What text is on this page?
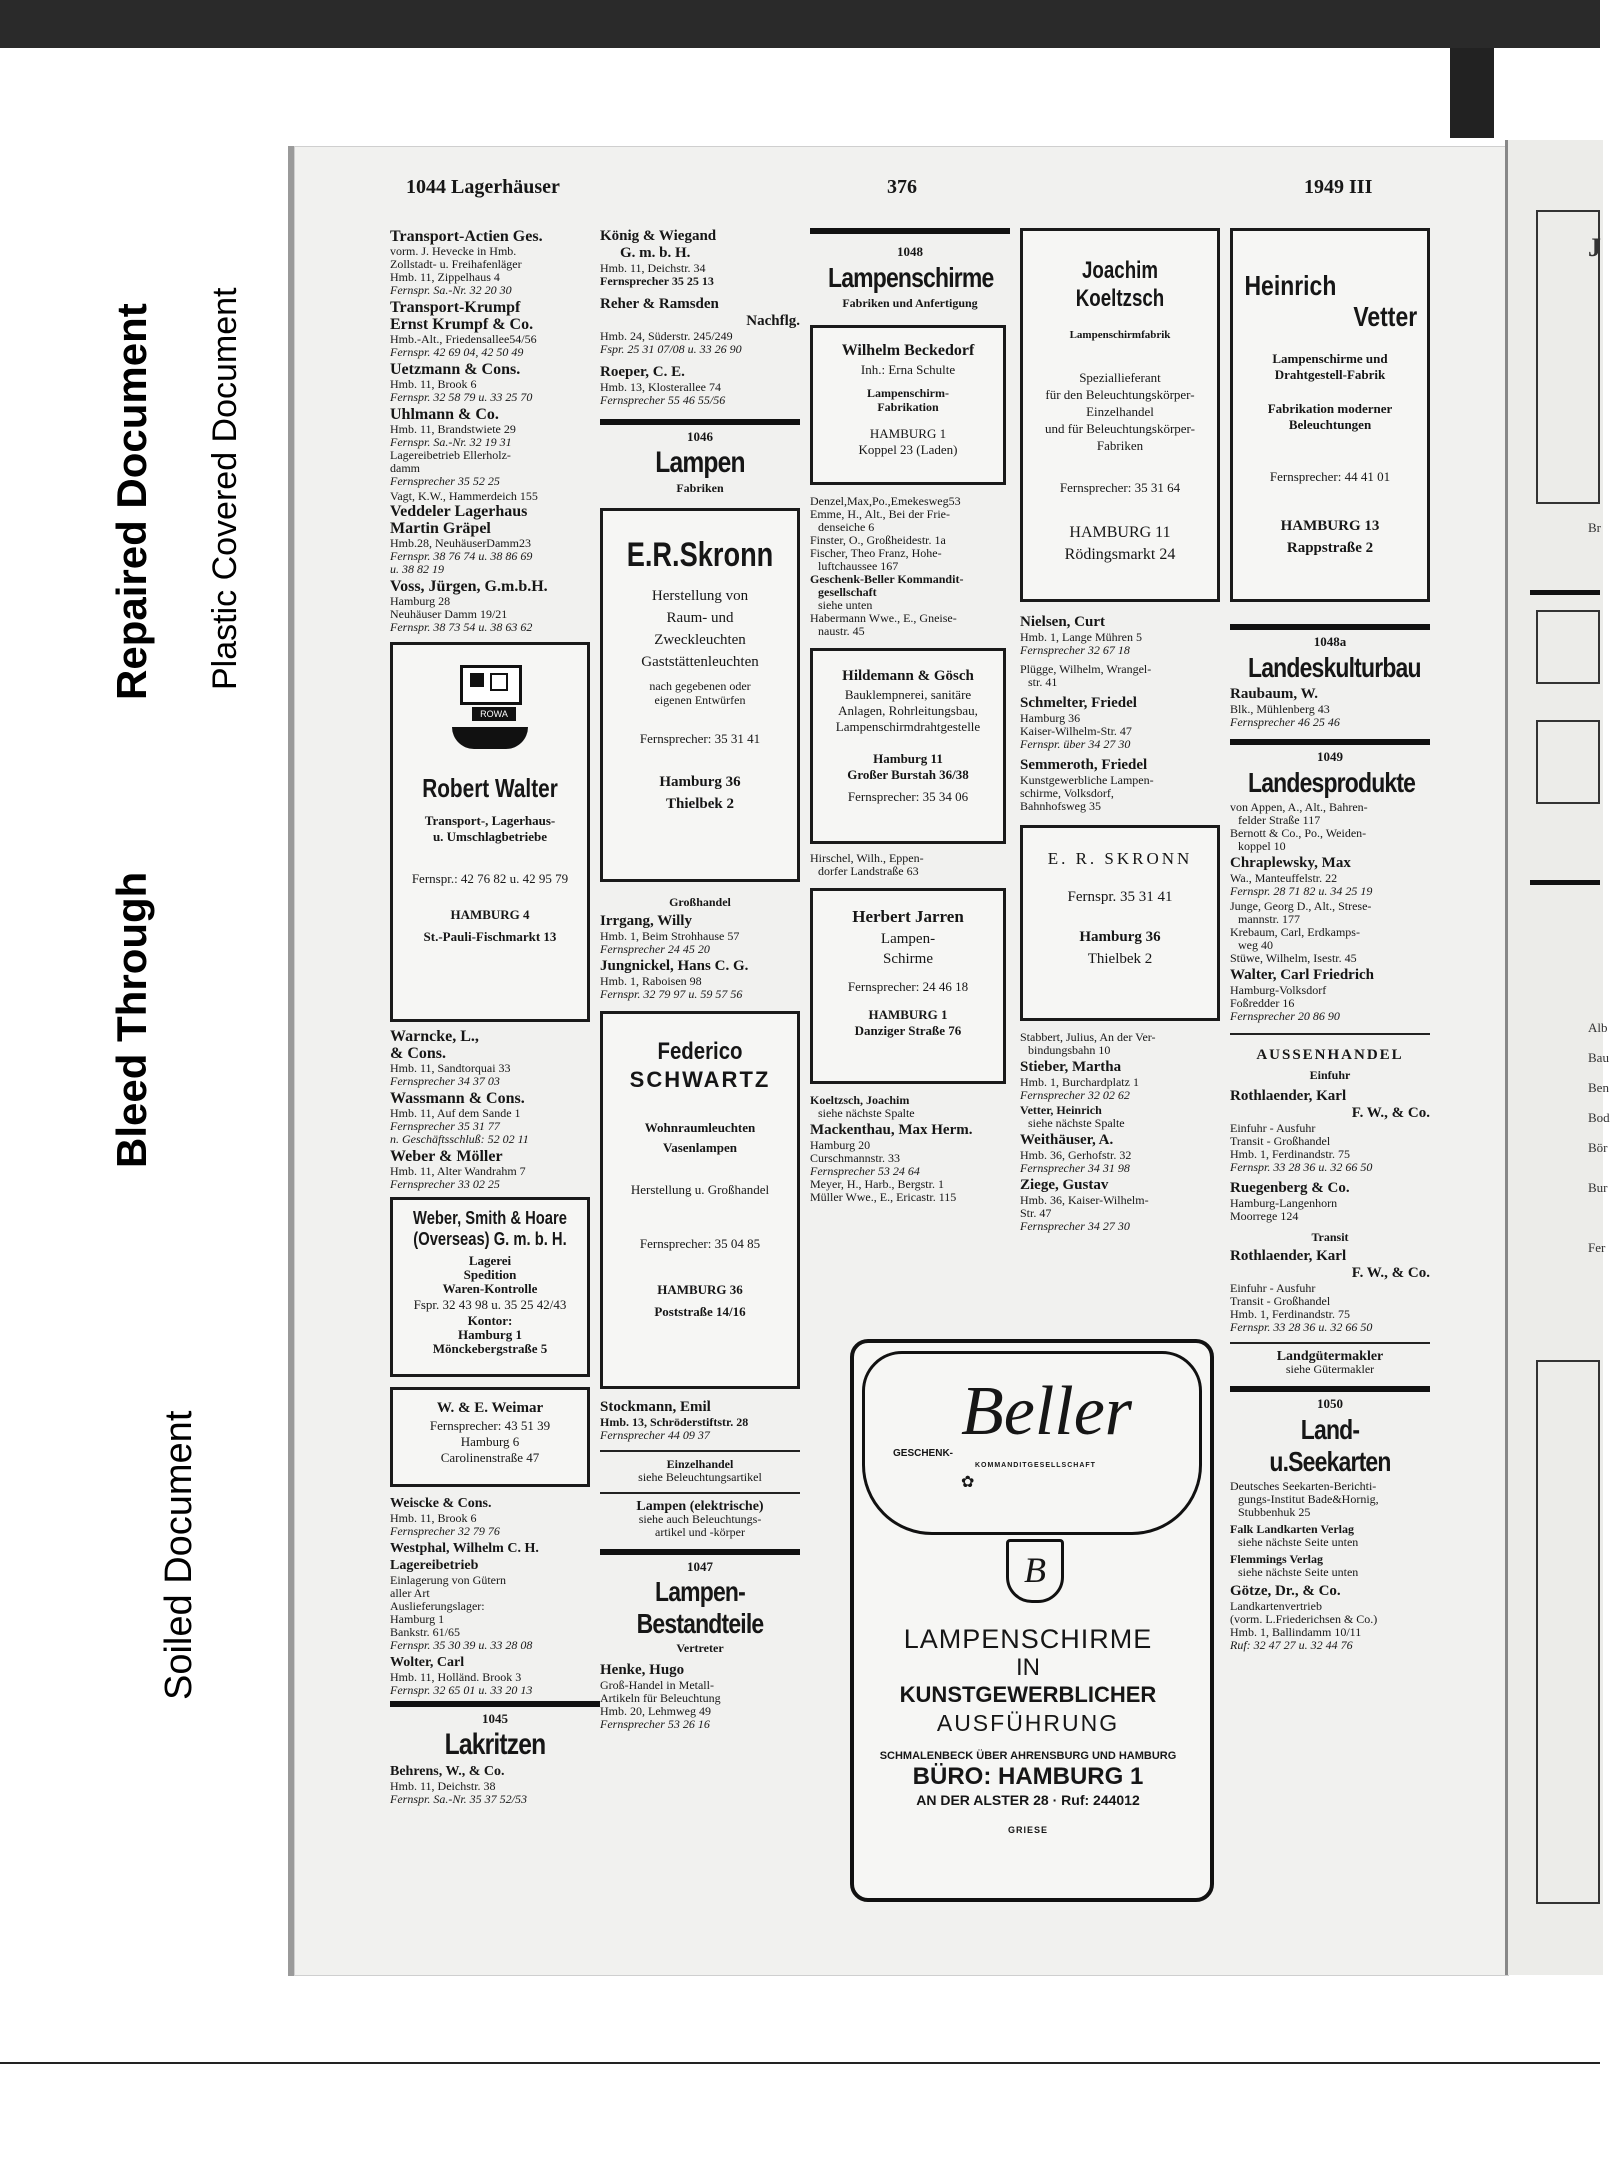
Bleed Through
Repaired Document Plastic Covered Document
Soiled Document
1044 Lagerhäuser	376	1949 III

Transport-Actien Ges.

vorm. J. Hevecke in Hmb.

Zollstadt- u. Freihafenläger

Hmb. 11, Zippelhaus 4

Fernspr. Sa.-Nr. 32 20 30

Transport-Krumpf

Ernst Krumpf & Co.

Hmb.-Alt., Friedensallee54/56

Fernspr. 42 69 04, 42 50 49

Uetzmann & Cons.

Hmb. 11, Brook 6

Fernspr. 32 58 79 u. 33 25 70

Uhlmann & Co.

Hmb. 11, Brandstwiete 29

Fernspr. Sa.-Nr. 32 19 31

Lagereibetrieb Ellerholz-

damm

Fernsprecher 35 52 25

Vagt, K.W., Hammerdeich 155

Veddeler Lagerhaus

Martin Gräpel

Hmb.28, NeuhäuserDamm23

Fernspr. 38 76 74 u. 38 86 69

u. 38 82 19

Voss, Jürgen, G.m.b.H.

Hamburg 28

Neuhäuser Damm 19/21

Fernspr. 38 73 54 u. 38 63 62

ROWA

Robert Walter

Transport-, Lagerhaus-

u. Umschlagbetriebe

Fernspr.: 42 76 82 u. 42 95 79

HAMBURG 4

St.-Pauli-Fischmarkt 13

Warncke, L.,

& Cons.

Hmb. 11, Sandtorquai 33

Fernsprecher 34 37 03

Wassmann & Cons.

Hmb. 11, Auf dem Sande 1

Fernsprecher 35 31 77

n. Geschäftsschluß: 52 02 11

Weber & Möller

Hmb. 11, Alter Wandrahm 7

Fernsprecher 33 02 25

Weber, Smith & Hoare

(Overseas) G. m. b. H.

Lagerei

Spedition

Waren-Kontrolle

Fspr. 32 43 98 u. 35 25 42/43

Kontor:

Hamburg 1

Mönckebergstraße 5

W. & E. Weimar

Fernsprecher: 43 51 39

Hamburg 6

Carolinenstraße 47

Weiscke & Cons.

Hmb. 11, Brook 6

Fernsprecher 32 79 76

Westphal, Wilhelm C. H.

Lagereibetrieb

Einlagerung von Gütern

aller Art

Auslieferungslager:

Hamburg 1

Bankstr. 61/65

Fernspr. 35 30 39 u. 33 28 08

Wolter, Carl

Hmb. 11, Holländ. Brook 3

Fernspr. 32 65 01 u. 33 20 13

1045

Lakritzen

Behrens, W., & Co.

Hmb. 11, Deichstr. 38

Fernspr. Sa.-Nr. 35 37 52/53

König & Wiegand

G. m. b. H.

Hmb. 11, Deichstr. 34

Fernsprecher 35 25 13

Reher & Ramsden

Nachflg.

Hmb. 24, Süderstr. 245/249

Fspr. 25 31 07/08 u. 33 26 90

Roeper, C. E.

Hmb. 13, Klosterallee 74

Fernsprecher 55 46 55/56

1046

Lampen

Fabriken

E.R.Skronn

Herstellung von

Raum- und

Zweckleuchten

Gaststättenleuchten

nach gegebenen oder

eigenen Entwürfen

Fernsprecher: 35 31 41

Hamburg 36

Thielbek 2

Großhandel

Irrgang, Willy

Hmb. 1, Beim Strohhause 57

Fernsprecher 24 45 20

Jungnickel, Hans C. G.

Hmb. 1, Raboisen 98

Fernspr. 32 79 97 u. 59 57 56

Federico

SCHWARTZ

Wohnraumleuchten

Vasenlampen

Herstellung u. Großhandel

Fernsprecher: 35 04 85

HAMBURG 36

Poststraße 14/16

Stockmann, Emil

Hmb. 13, Schröderstiftstr. 28

Fernsprecher 44 09 37

Einzelhandel

siehe Beleuchtungsartikel

Lampen (elektrische)

siehe auch Beleuchtungs-

artikel und -körper

1047

Lampen-

Bestandteile

Vertreter

Henke, Hugo

Groß-Handel in Metall-

Artikeln für Beleuchtung

Hmb. 20, Lehmweg 49

Fernsprecher 53 26 16

1048

Lampenschirme

Fabriken und Anfertigung

Wilhelm Beckedorf

Inh.: Erna Schulte

Lampenschirm-

Fabrikation

HAMBURG 1

Koppel 23 (Laden)

Denzel,Max,Po.,Emekesweg53

Emme, H., Alt., Bei der Frie-

denseiche 6

Finster, O., Großheidestr. 1a

Fischer, Theo Franz, Hohe-

luftchaussee 167

Geschenk-Beller Kommandit-

gesellschaft

siehe unten

Habermann Wwe., E., Gneise-

naustr. 45

Hildemann & Gösch

Bauklempnerei, sanitäre

Anlagen, Rohrleitungsbau,

Lampenschirmdrahtgestelle

Hamburg 11

Großer Burstah 36/38

Fernsprecher: 35 34 06

Hirschel, Wilh., Eppen-

dorfer Landstraße 63

Herbert Jarren

Lampen-

Schirme

Fernsprecher: 24 46 18

HAMBURG 1

Danziger Straße 76

Koeltzsch, Joachim

siehe nächste Spalte

Mackenthau, Max Herm.

Hamburg 20

Curschmannstr. 33

Fernsprecher 53 24 64

Meyer, H., Harb., Bergstr. 1

Müller Wwe., E., Ericastr. 115

Joachim Koeltzsch

Lampenschirmfabrik

Speziallieferant

für den Beleuchtungskörper-

Einzelhandel

und für Beleuchtungskörper-

Fabriken

Fernsprecher: 35 31 64

HAMBURG 11

Rödingsmarkt 24

Nielsen, Curt

Hmb. 1, Lange Mühren 5

Fernsprecher 32 67 18

Plügge, Wilhelm, Wrangel-

str. 41

Schmelter, Friedel

Hamburg 36

Kaiser-Wilhelm-Str. 47

Fernspr. über 34 27 30

Semmeroth, Friedel

Kunstgewerbliche Lampen-

schirme, Volksdorf,

Bahnhofsweg 35

E. R. SKRONN

Fernspr. 35 31 41

Hamburg 36

Thielbek 2

Stabbert, Julius, An der Ver-

bindungsbahn 10

Stieber, Martha

Hmb. 1, Burchardplatz 1

Fernsprecher 32 02 62

Vetter, Heinrich

siehe nächste Spalte

Weithäuser, A.

Hmb. 36, Gerhofstr. 32

Fernsprecher 34 31 98

Ziege, Gustav

Hmb. 36, Kaiser-Wilhelm-

Str. 47

Fernsprecher 34 27 30

GESCHENK-
Beller
KOMMANDITGESELLSCHAFT
✿
B

LAMPENSCHIRME

IN

KUNSTGEWERBLICHER

AUSFÜHRUNG

SCHMALENBECK ÜBER AHRENSBURG UND HAMBURG

BÜRO: HAMBURG 1

AN DER ALSTER 28 · Ruf: 244012

GRIESE

Heinrich

Vetter

Lampenschirme und

Drahtgestell-Fabrik

Fabrikation moderner

Beleuchtungen

Fernsprecher: 44 41 01

HAMBURG 13

Rappstraße 2

1048a

Landeskulturbau

Raubaum, W.

Blk., Mühlenberg 43

Fernsprecher 46 25 46

1049

Landesprodukte

von Appen, A., Alt., Bahren-

felder Straße 117

Bernott & Co., Po., Weiden-

koppel 10

Chraplewsky, Max

Wa., Manteuffelstr. 22

Fernspr. 28 71 82 u. 34 25 19

Junge, Georg D., Alt., Strese-

mannstr. 177

Krebaum, Carl, Erdkamps-

weg 40

Stüwe, Wilhelm, Isestr. 45

Walter, Carl Friedrich

Hamburg-Volksdorf

Foßredder 16

Fernsprecher 20 86 90

AUSSENHANDEL

Einfuhr

Rothlaender, Karl

F. W., & Co.

Einfuhr - Ausfuhr

Transit - Großhandel

Hmb. 1, Ferdinandstr. 75

Fernspr. 33 28 36 u. 32 66 50

Ruegenberg & Co.

Hamburg-Langenhorn

Moorrege 124

Transit

Rothlaender, Karl

F. W., & Co.

Einfuhr - Ausfuhr

Transit - Großhandel

Hmb. 1, Ferdinandstr. 75

Fernspr. 33 28 36 u. 32 66 50

Landgütermakler

siehe Gütermakler

1050

Land-u.Seekarten

Deutsches Seekarten-Berichti-

gungs-Institut Bade&Hornig,

Stubbenhuk 25

Falk Landkarten Verlag

siehe nächste Seite unten

Flemmings Verlag

siehe nächste Seite unten

Götze, Dr., & Co.

Landkartenvertrieb

(vorm. L.Friederichsen & Co.)

Hmb. 1, Ballindamm 10/11

Ruf: 32 47 27 u. 32 44 76

J
Br
Alb
Bau
Ben
Bod
Bör
Bur
Fer
